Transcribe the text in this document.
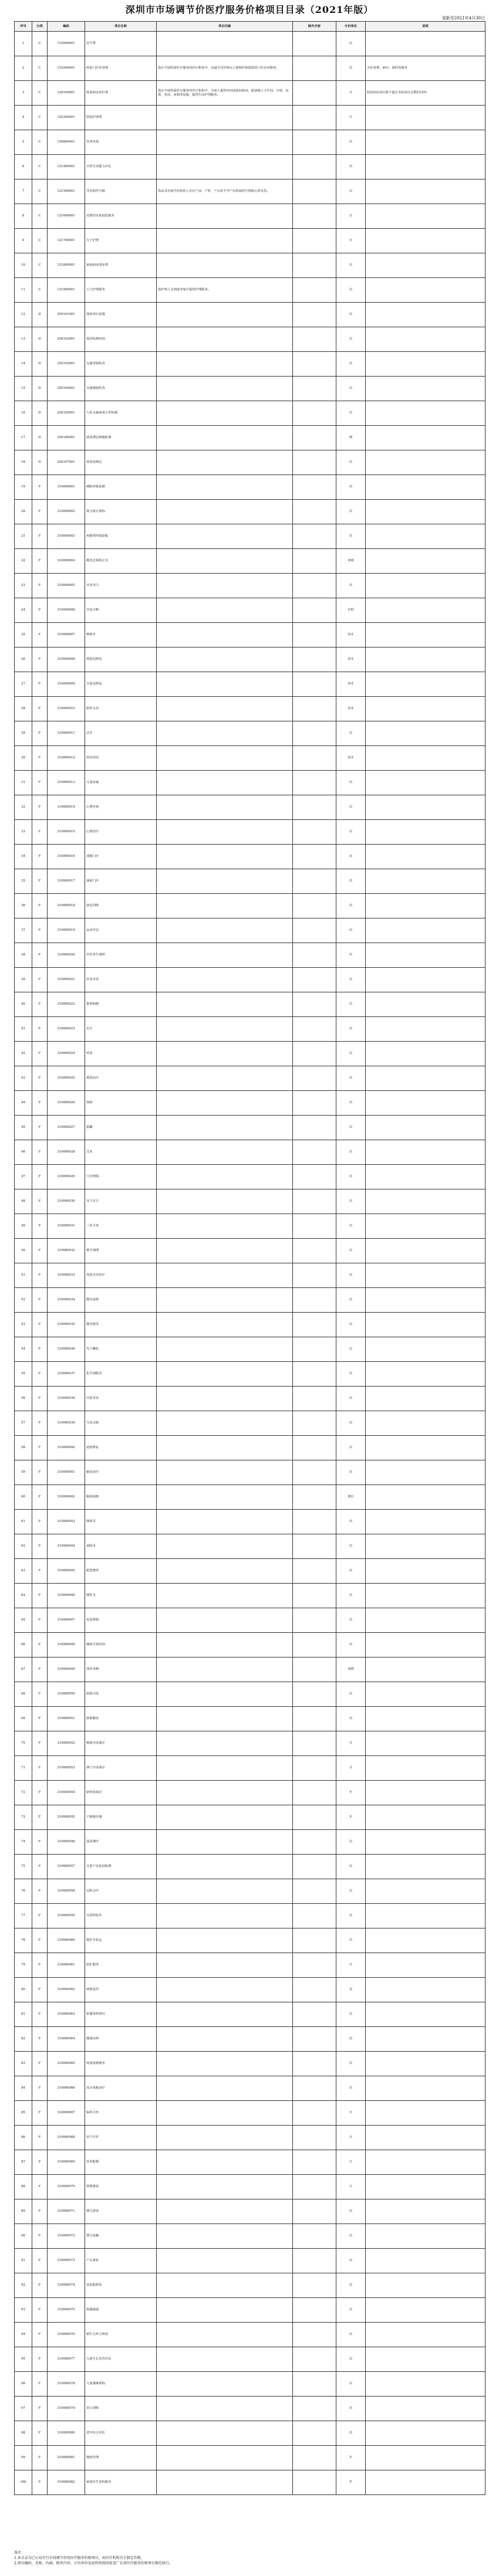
深圳市市场调节价医疗服务价格项目目录（2021年版）
更新至2021年4月30日
序号	分类	编码	项目名称	项目内涵	除外内容	计价单位	说明
1	C	110000001	挂号费			次	
2	C	110200001	特需门诊诊查费	指在开展特需医疗服务的医疗机构中，由副主任医师以上职称医师提供的门诊诊查服务。		次	含诊查费、病历、预约等服务
3	C	120100001	特需病房床位费	指在开展特需医疗服务的医疗机构中，为病人提供单间或套间病房，配备独立卫生间、空调、电视、电话、冰箱等设施，提供生活护理服务。		日	特需病房床位数不超过本院床位总数的10%
4	C	120300001	特需护理费			日	
5	C	120800001	营养咨询			次	
6	C	121400001	日常生活能力评定			次	
7	C	121500001	导乐陪伴分娩	指由具有接生经验的人员在产前、产时、产后给予孕产妇持续的生理和心理支持。		次	
8	C	121600001	母婴同室家庭化服务			日	
9	C	121700001	月子护理			日	
10	C	121800001	家庭病床建床费			次	
11	C	121900001	上门护理服务	指护理人员到患者家中提供护理服务。		次	
12	D	250101001	体检项目套餐			次	
13	D	250102001	基因检测咨询			次	
14	D	250103001	无痛胃镜检查			次	
15	D	250104001	无痛肠镜检查			次	
16	D	250105001	人乳头瘤病毒分型检测			次	
17	D	250106001	液基薄层细胞检测			例	
18	D	250107001	骨密度测定			次	
19	F	310000001	睡眠呼吸监测			次	
20	F	310000002	视力矫正训练			次	
21	F	310000003	角膜塑形镜验配			次	
22	F	310000004	激光近视矫正术			单眼	
23	F	310000005	牙齿美白			次	
24	F	310000006	牙齿正畸			疗程	
25	F	310000007	种植牙			每牙	
26	F	310000008	烤瓷冠修复			每牙	
27	F	310000009	全瓷冠修复			每牙	
28	F	310000010	隐形义齿			每牙	
29	F	310000011	洁牙			次	
30	F	310000012	窝沟封闭			每牙	
31	F	310000013	儿童涂氟			次	
32	F	310000014	心理咨询			次	
33	F	310000015	心理治疗			次	
34	F	310000016	戒烟门诊			次	
35	F	310000017	减重门诊			次	
36	F	310000018	康复训练			次	
37	F	310000019	运动疗法			次	
38	F	310000020	中医养生调理			次	
39	F	310000021	针灸美容			次	
40	F	310000022	推拿保健			次	
41	F	310000023	足疗			次	
42	F	310000024	药浴			次	
43	F	310000025	熏蒸治疗			次	
44	F	310000026	刮痧			次	
45	F	310000027	拔罐			次	
46	F	310000028	艾灸			次	
47	F	310000029	穴位埋线			次	
48	F	310000030	耳穴压豆			次	
49	F	310000031	三伏天灸			次	
50	F	310000032	膏方调理			次	
51	F	310000033	皮肤美容治疗			次	
52	F	310000034	激光祛斑			次	
53	F	310000035	激光脱毛			次	
54	F	310000036	光子嫩肤			次	
55	F	310000037	化学剥脱术			次	
56	F	310000038	注射美容			次	
57	F	310000039	文身去除			次	
58	F	310000040	疤痕修复			次	
59	F	310000041	腋臭治疗			次	
60	F	310000042	脂肪抽吸			部位	
61	F	310000043	隆鼻术			次	
62	F	310000044	重睑术			次	
63	F	310000045	眼袋整形			次	
64	F	310000046	隆乳术			次	
65	F	310000047	毛发移植			次	
66	F	310000048	辅助生殖咨询			次	
67	F	310000049	体外受精			周期	
68	F	310000050	胚胎冷冻			次	
69	F	310000051	胚胎解冻			次	
70	F	310000052	精液冷冻保存			月	
71	F	310000053	卵子冷冻保存			月	
72	F	310000054	脐带血保存			年	
73	F	310000055	干细胞存储			年	
74	F	310000056	基因测序			次	
75	F	310000057	无创产前基因检测			次	
76	F	310000058	远程会诊			次	
77	F	310000059	互联网复诊			次	
78	F	310000060	救护车转运			次	
79	F	310000061	陪护服务			日	
80	F	310000062	病案复印			页	
81	F	310000063	影像资料拷贝			次	
82	F	310000064	健康证明			份	
83	F	310000065	疫苗接种服务			次	
84	F	310000066	高压氧舱治疗			次	
85	F	310000067	临终关怀			日	
86	F	310000068	安宁疗护			日	
87	F	310000069	营养配餐			日	
88	F	310000070	特殊膳食			日	
89	F	310000071	婴儿游泳			次	
90	F	310000072	婴儿抚触			次	
91	F	310000073	产后康复			次	
92	F	310000074	盆底肌修复			次	
93	F	310000075	乳腺疏通			次	
94	F	310000076	新生儿听力筛查			次	
95	F	310000077	儿童生长发育评估			次	
96	F	310000078	儿童感统训练			次	
97	F	310000079	语言训练			次	
98	F	310000080	老年综合评估			次	
99	F	310000081	慢病管理			年	
100	F	310000082	家庭医生签约服务			年	
备注：
1.本目录为已公布实行市场调节价的医疗服务价格项目，由医疗机构自主制定价格。
2.项目编码、名称、内涵、除外内容、计价单位及说明参照国家及广东省医疗服务价格项目规范执行。
